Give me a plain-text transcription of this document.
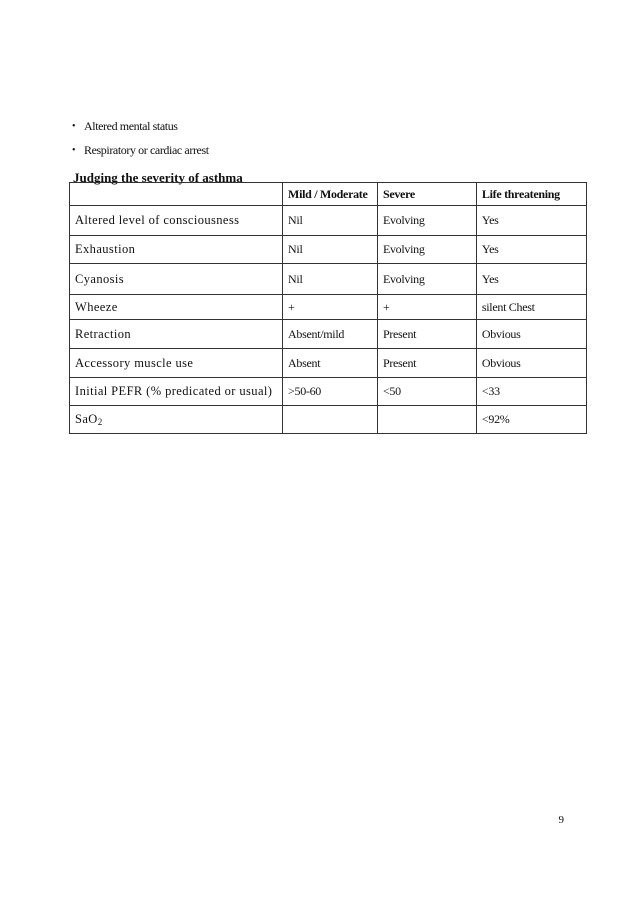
• Altered mental status
• Respiratory or cardiac arrest
Judging the severity of asthma
	Mild / Moderate	Severe	Life threatening
Altered level of consciousness	Nil	Evolving	Yes
Exhaustion	Nil	Evolving	Yes
Cyanosis	Nil	Evolving	Yes
Wheeze	+	+	silent Chest
Retraction	Absent/mild	Present	Obvious
Accessory muscle use	Absent	Present	Obvious
Initial PEFR (% predicated or usual)	>50-60	<50	<33
SaO$_2$			<92%
9
